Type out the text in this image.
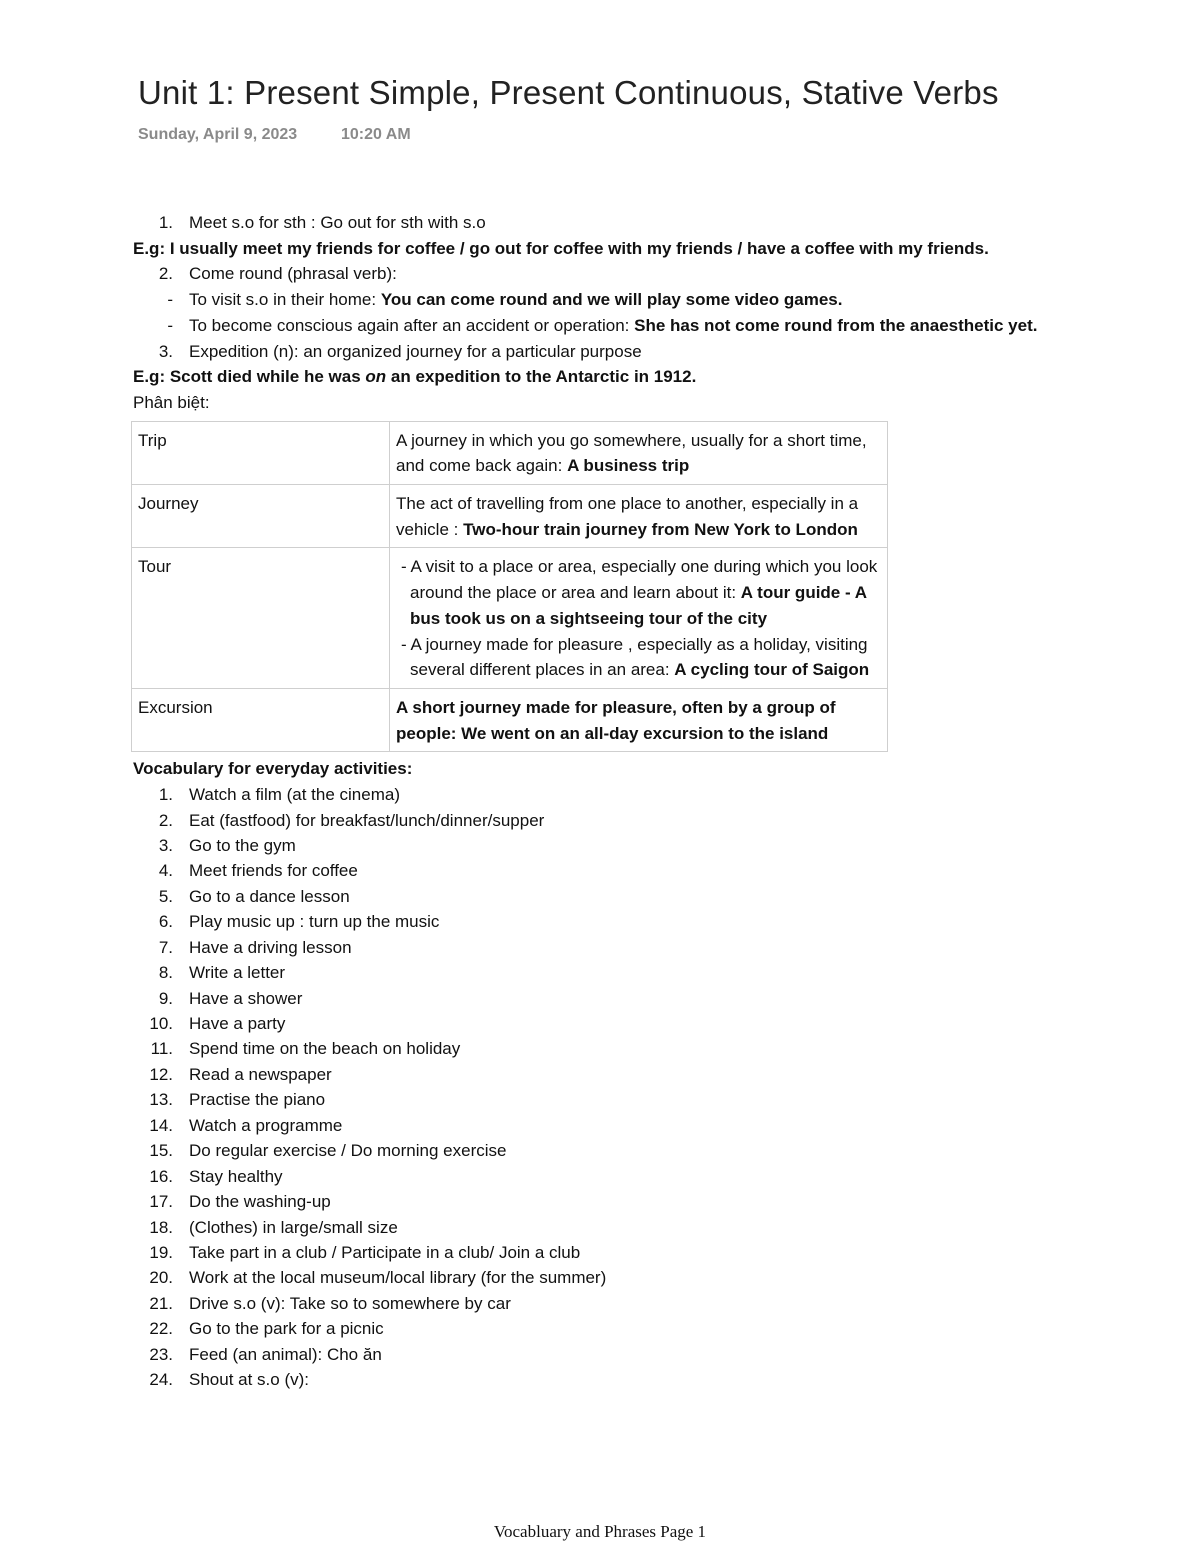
Unit 1: Present Simple, Present Continuous, Stative Verbs
Sunday, April 9, 2023	10:20 AM
1. Meet s.o for sth : Go out for sth with s.o
E.g: I usually meet my friends for coffee / go out for coffee with my friends / have a coffee with my friends.
2. Come round (phrasal verb):
- To visit s.o in their home: You can come round and we will play some video games.
- To become conscious again after an accident or operation: She has not come round from the anaesthetic yet.
3. Expedition (n): an organized journey for a particular purpose
E.g: Scott died while he was on an expedition to the Antarctic in 1912.
Phân biệt:
Trip	A journey in which you go somewhere, usually for a short time, and come back again: A business trip
Journey	The act of travelling from one place to another, especially in a vehicle : Two-hour train journey from New York to London
Tour	- A visit to a place or area, especially one during which you look around the place or area and learn about it: A tour guide - A bus took us on a sightseeing tour of the city
- A journey made for pleasure , especially as a holiday, visiting several different places in an area: A cycling tour of Saigon

Excursion	A short journey made for pleasure, often by a group of people: We went on an all-day excursion to the island
Vocabulary for everyday activities:
1. Watch a film (at the cinema)
2. Eat (fastfood) for breakfast/lunch/dinner/supper
3. Go to the gym
4. Meet friends for coffee
5. Go to a dance lesson
6. Play music up : turn up the music
7. Have a driving lesson
8. Write a letter
9. Have a shower
10. Have a party
11. Spend time on the beach on holiday
12. Read a newspaper
13. Practise the piano
14. Watch a programme
15. Do regular exercise / Do morning exercise
16. Stay healthy
17. Do the washing-up
18. (Clothes) in large/small size
19. Take part in a club / Participate in a club/ Join a club
20. Work at the local museum/local library (for the summer)
21. Drive s.o (v): Take so to somewhere by car
22. Go to the park for a picnic
23. Feed (an animal): Cho ăn
24. Shout at s.o (v):
Vocabluary and Phrases Page 1
